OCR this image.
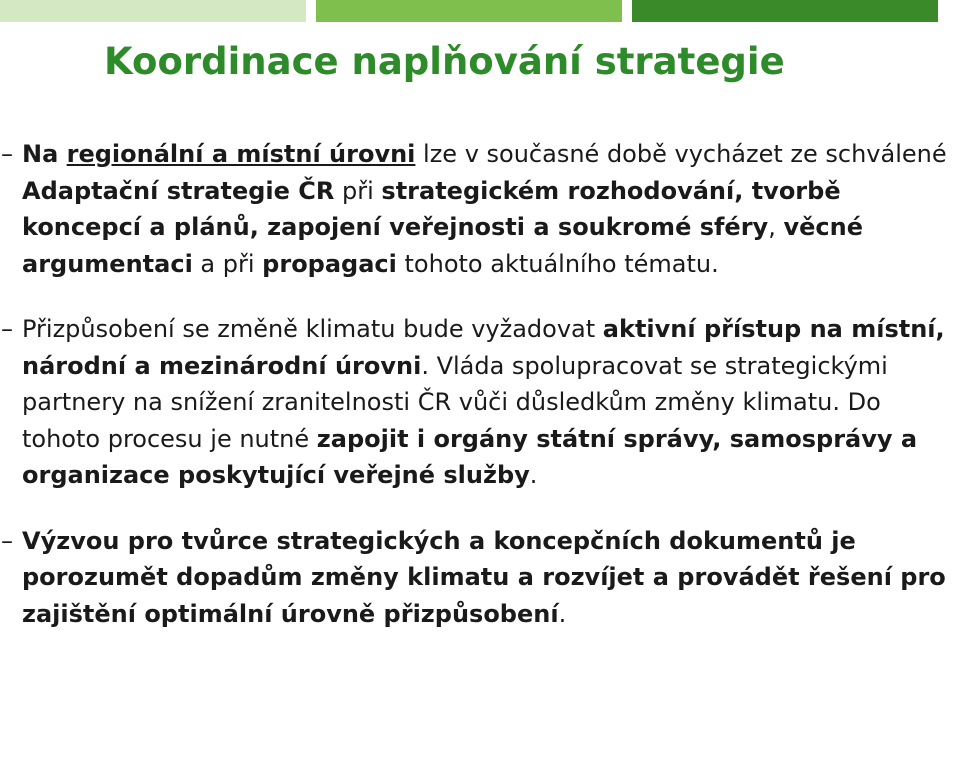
Koordinace naplňování strategie

– Na regionální a místní úrovni lze v současné době vycházet ze schválené Adaptační strategie ČR při strategickém rozhodování, tvorbě koncepcí a plánů, zapojení veřejnosti a soukromé sféry, věcné argumentaci a při propagaci tohoto aktuálního tématu.

– Přizpůsobení se změně klimatu bude vyžadovat aktivní přístup na místní, národní a mezinárodní úrovni. Vláda spolupracovat se strategickými partnery na snížení zranitelnosti ČR vůči důsledkům změny klimatu. Do tohoto procesu je nutné zapojit i orgány státní správy, samosprávy a organizace poskytující veřejné služby.

– Výzvou pro tvůrce strategických a koncepčních dokumentů je porozumět dopadům změny klimatu a rozvíjet a provádět řešení pro zajištění optimální úrovně přizpůsobení.
